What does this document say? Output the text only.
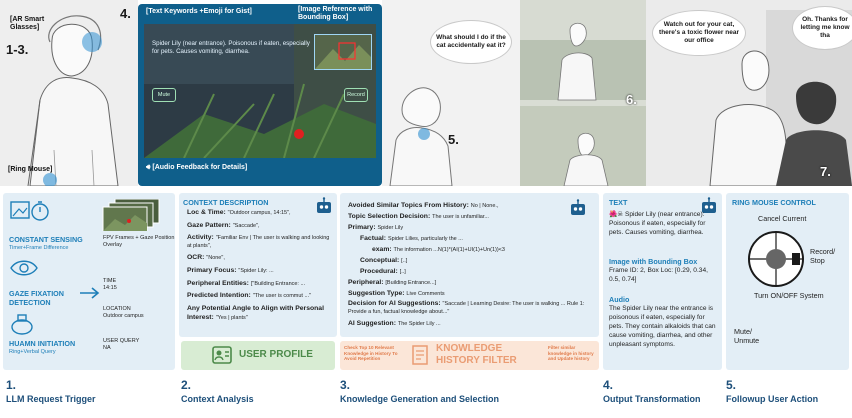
[AR Smart Glasses]
1-3.
[Ring Mouse]
[Text Keywords +Emoji for Gist]	[Image Reference with Bounding Box]
Spider Lily (near entrance). Poisonous if eaten, especially for pets. Causes vomiting, diarrhea.
Mute	Record
🔊︎ [Audio Feedback for Details]
4.
What should I do if the cat accidentally eat it?
5.
6.
Watch out for your cat, there's a toxic flower near our office
Oh. Thanks for letting me know tha
7.
CONSTANT SENSING
Timer+Frame Difference
GAZE FIXATION DETECTION
HUAMN INITIATION
Ring+Verbal Query
FPV Frames + Gaze Position Overlay
TIME
14:15
LOCATION
Outdoor campus
USER QUERY
NA
CONTEXT DESCRIPTION
Loc & Time: "Outdoor campus, 14:15",
Gaze Pattern: "Saccade",
Activity: "Familiar Env | The user is walking and looking at plants",
OCR: "None",
Primary Focus: "Spider Lily: ...
Peripheral Entities: ["Building Entrance: ...
Predicted Intention: "The user is commut ..."
Any Potential Angle to Align with Personal Interest: "Yes | plants"
USER PROFILE
Avoided Similar Topics From History: No | None.,
Topic Selection Decision: The user is unfamiliar...
Primary: Spider Lily
Factual: Spider Lilies, particularly the ...
exam: The information ...N(1)*(AI(1)+UI(1)+Un(1))<3
Conceptual: [..]
Procedural: [..]
Peripheral: [Building Entrance...]
Suggestion Type: Live Comments
Decision for AI Suggestions: "Saccade | Learning Desire: The user is walking ... Rule 1: Provide a fun, factual knowledge about..."
AI Suggestion: The Spider Lily ...
Check Top 10 Relevant Knowledge in History To Avoid Repetition
KNOWLEDGE HISTORY FILTER
Filter similar knowledge in history and Update history
TEXT
🌺☠ Spider Lily (near entrance): Poisonous if eaten, especially for pets. Causes vomiting, diarrhea.
Image with Bounding Box
Frame ID: 2, Box Loc: [0.29, 0.34, 0.5, 0.74]
Audio
The Spider Lily near the entrance is poisonous if eaten, especially for pets. They contain alkaloids that can cause vomiting, diarrhea, and other unpleasant symptoms.
RING MOUSE CONTROL
Cancel Current
Record/ Stop
Turn ON/OFF System
Mute/ Unmute
1.
LLM Request Trigger
2.
Context Analysis
3.
Knowledge Generation and Selection
4.
Output Transformation
5.
Followup User Action
